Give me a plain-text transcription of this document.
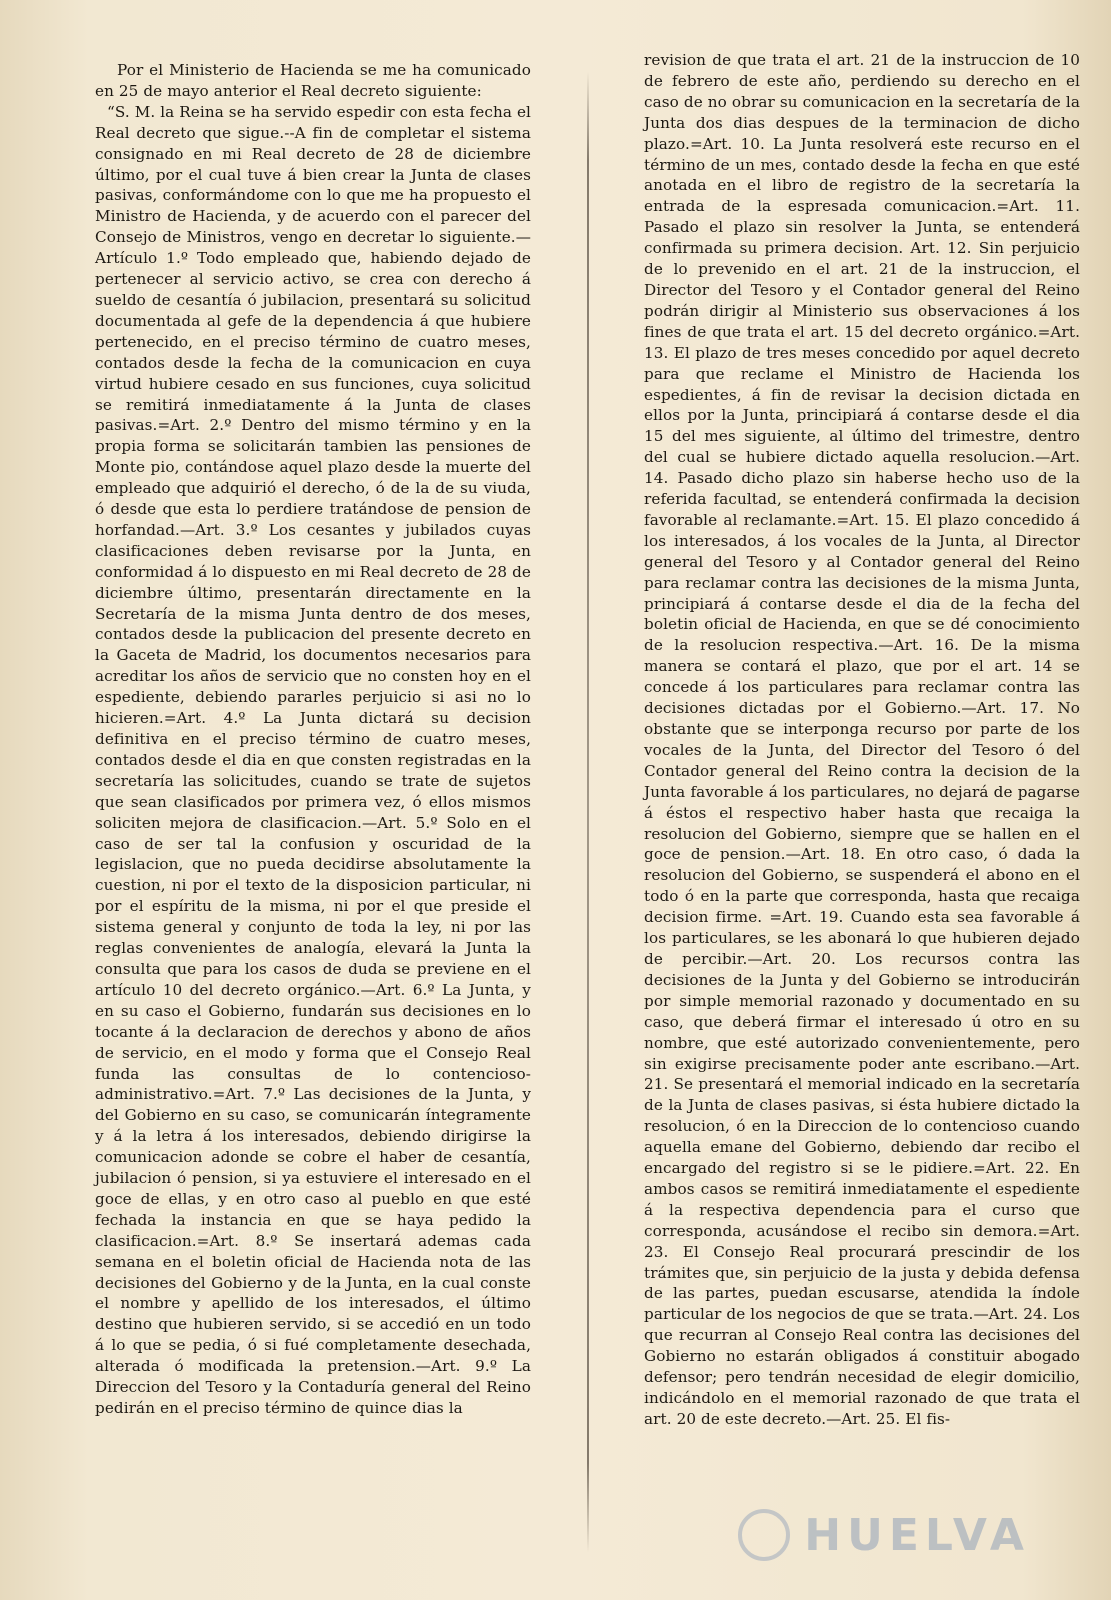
Por el Ministerio de Hacienda se me ha comunicado en 25 de mayo anterior el Real decreto siguiente:

“S. M. la Reina se ha servido espedir con esta fecha el Real decreto que sigue.--A fin de completar el sistema consignado en mi Real decreto de 28 de diciembre último, por el cual tuve á bien crear la Junta de clases pasivas, conformándome con lo que me ha propuesto el Ministro de Hacienda, y de acuerdo con el parecer del Consejo de Ministros, vengo en decretar lo siguiente.—Artículo 1.º Todo empleado que, habiendo dejado de pertenecer al servicio activo, se crea con derecho á sueldo de cesantía ó jubilacion, presentará su solicitud documentada al gefe de la dependencia á que hubiere pertenecido, en el preciso término de cuatro meses, contados desde la fecha de la comunicacion en cuya virtud hubiere cesado en sus funciones, cuya solicitud se remitirá inmediatamente á la Junta de clases pasivas.=Art. 2.º Dentro del mismo término y en la propia forma se solicitarán tambien las pensiones de Monte pio, contándose aquel plazo desde la muerte del empleado que adquirió el derecho, ó de la de su viuda, ó desde que esta lo perdiere tratándose de pension de horfandad.—Art. 3.º Los cesantes y jubilados cuyas clasificaciones deben revisarse por la Junta, en conformidad á lo dispuesto en mi Real decreto de 28 de diciembre último, presentarán directamente en la Secretaría de la misma Junta dentro de dos meses, contados desde la publicacion del presente decreto en la Gaceta de Madrid, los documentos necesarios para acreditar los años de servicio que no consten hoy en el espediente, debiendo pararles perjuicio si asi no lo hicieren.=Art. 4.º La Junta dictará su decision definitiva en el preciso término de cuatro meses, contados desde el dia en que consten registradas en la secretaría las solicitudes, cuando se trate de sujetos que sean clasificados por primera vez, ó ellos mismos soliciten mejora de clasificacion.—Art. 5.º Solo en el caso de ser tal la confusion y oscuridad de la legislacion, que no pueda decidirse absolutamente la cuestion, ni por el texto de la disposicion particular, ni por el espíritu de la misma, ni por el que preside el sistema general y conjunto de toda la ley, ni por las reglas convenientes de analogía, elevará la Junta la consulta que para los casos de duda se previene en el artículo 10 del decreto orgánico.—Art. 6.º La Junta, y en su caso el Gobierno, fundarán sus decisiones en lo tocante á la declaracion de derechos y abono de años de servicio, en el modo y forma que el Consejo Real funda las consultas de lo contencioso-administrativo.=Art. 7.º Las decisiones de la Junta, y del Gobierno en su caso, se comunicarán íntegramente y á la letra á los interesados, debiendo dirigirse la comunicacion adonde se cobre el haber de cesantía, jubilacion ó pension, si ya estuviere el interesado en el goce de ellas, y en otro caso al pueblo en que esté fechada la instancia en que se haya pedido la clasificacion.=Art. 8.º Se insertará ademas cada semana en el boletin oficial de Hacienda nota de las decisiones del Gobierno y de la Junta, en la cual conste el nombre y apellido de los interesados, el último destino que hubieren servido, si se accedió en un todo á lo que se pedia, ó si fué completamente desechada, alterada ó modificada la pretension.—Art. 9.º La Direccion del Tesoro y la Contaduría general del Reino pedirán en el preciso término de quince dias la

revision de que trata el art. 21 de la instruccion de 10 de febrero de este año, perdiendo su derecho en el caso de no obrar su comunicacion en la secretaría de la Junta dos dias despues de la terminacion de dicho plazo.=Art. 10. La Junta resolverá este recurso en el término de un mes, contado desde la fecha en que esté anotada en el libro de registro de la secretaría la entrada de la espresada comunicacion.=Art. 11. Pasado el plazo sin resolver la Junta, se entenderá confirmada su primera decision. Art. 12. Sin perjuicio de lo prevenido en el art. 21 de la instruccion, el Director del Tesoro y el Contador general del Reino podrán dirigir al Ministerio sus observaciones á los fines de que trata el art. 15 del decreto orgánico.=Art. 13. El plazo de tres meses concedido por aquel decreto para que reclame el Ministro de Hacienda los espedientes, á fin de revisar la decision dictada en ellos por la Junta, principiará á contarse desde el dia 15 del mes siguiente, al último del trimestre, dentro del cual se hubiere dictado aquella resolucion.—Art. 14. Pasado dicho plazo sin haberse hecho uso de la referida facultad, se entenderá confirmada la decision favorable al reclamante.=Art. 15. El plazo concedido á los interesados, á los vocales de la Junta, al Director general del Tesoro y al Contador general del Reino para reclamar contra las decisiones de la misma Junta, principiará á contarse desde el dia de la fecha del boletin oficial de Hacienda, en que se dé conocimiento de la resolucion respectiva.—Art. 16. De la misma manera se contará el plazo, que por el art. 14 se concede á los particulares para reclamar contra las decisiones dictadas por el Gobierno.—Art. 17. No obstante que se interponga recurso por parte de los vocales de la Junta, del Director del Tesoro ó del Contador general del Reino contra la decision de la Junta favorable á los particulares, no dejará de pagarse á éstos el respectivo haber hasta que recaiga la resolucion del Gobierno, siempre que se hallen en el goce de pension.—Art. 18. En otro caso, ó dada la resolucion del Gobierno, se suspenderá el abono en el todo ó en la parte que corresponda, hasta que recaiga decision firme. =Art. 19. Cuando esta sea favorable á los particulares, se les abonará lo que hubieren dejado de percibir.—Art. 20. Los recursos contra las decisiones de la Junta y del Gobierno se introducirán por simple memorial razonado y documentado en su caso, que deberá firmar el interesado ú otro en su nombre, que esté autorizado convenientemente, pero sin exigirse precisamente poder ante escribano.—Art. 21. Se presentará el memorial indicado en la secretaría de la Junta de clases pasivas, si ésta hubiere dictado la resolucion, ó en la Direccion de lo contencioso cuando aquella emane del Gobierno, debiendo dar recibo el encargado del registro si se le pidiere.=Art. 22. En ambos casos se remitirá inmediatamente el espediente á la respectiva dependencia para el curso que corresponda, acusándose el recibo sin demora.=Art. 23. El Consejo Real procurará prescindir de los trámites que, sin perjuicio de la justa y debida defensa de las partes, puedan escusarse, atendida la índole particular de los negocios de que se trata.—Art. 24. Los que recurran al Consejo Real contra las decisiones del Gobierno no estarán obligados á constituir abogado defensor; pero tendrán necesidad de elegir domicilio, indicándolo en el memorial razonado de que trata el art. 20 de este decreto.—Art. 25. El fis-

HUELVA
